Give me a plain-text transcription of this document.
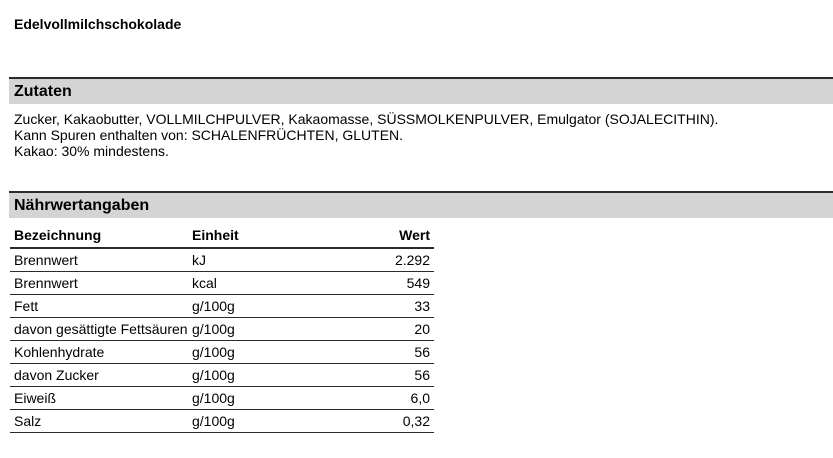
Edelvollmilchschokolade
Zutaten
Zucker, Kakaobutter, VOLLMILCHPULVER, Kakaomasse, SÜSSMOLKENPULVER, Emulgator (SOJALECITHIN).
Kann Spuren enthalten von: SCHALENFRÜCHTEN, GLUTEN.
Kakao: 30% mindestens.
Nährwertangaben
Bezeichnung	Einheit	Wert
Brennwert	kJ	2.292
Brennwert	kcal	549
Fett	g/100g	33
davon gesättigte Fettsäuren	g/100g	20
Kohlenhydrate	g/100g	56
davon Zucker	g/100g	56
Eiweiß	g/100g	6,0
Salz	g/100g	0,32
